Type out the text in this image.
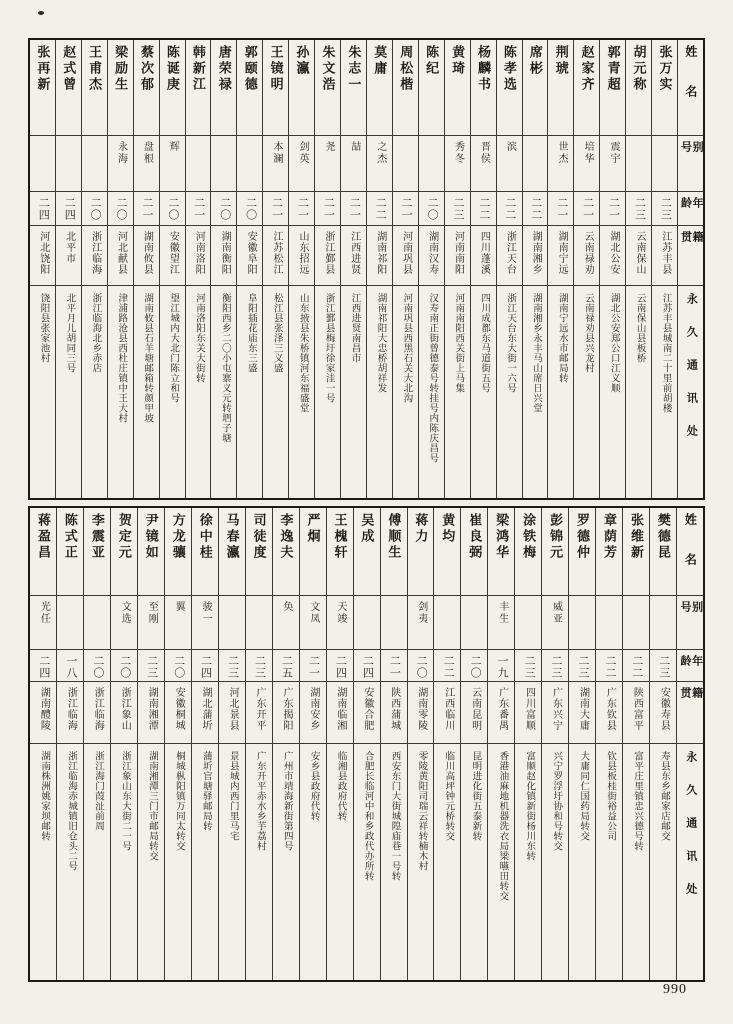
姓名
别号
年龄
籍贯
永久通讯处
张万实
二三
江苏丰县
江苏丰县城南二十里前胡楼
胡元称
二三
云南保山
云南保山县板桥
郭青超
震宇
二一
湖北公安
湖北公安郑公口江义顺
赵家齐
培华
二一
云南禄劝
云南禄劝县兴龙村
荆琥
世杰
二一
湖南宁远
湖南宁远水市邮局转
席彬
二二
湖南湘乡
湖南湘乡永丰马山席日兴堂
陈孝选
滨
二二
浙江天台
浙江天台东大街一六号
杨麟书
晋侯
二二
四川蓬溪
四川成都东马道街五号
黄琦
秀冬
二三
河南南阳
河南南阳西关街上马集
陈纪
二〇
湖南汉寿
汉寿南正街曾德泰号转挂号内陈庆昌号
周松楷
二一
河南巩县
河南巩县西黑石关大北沟
莫庸
之杰
二二
湖南祁阳
湖南祁阳大忠桥胡祥发
朱志一
喆
二一
江西进贤
江西进贤南昌市
朱文浩
尧
二一
浙江鄞县
浙江鄞县梅圩徐家洼一号
孙瀛
剑英
二一
山东招远
山东掖县朱桥镇河东福盛堂
王镜明
本澜
二一
江苏松江
松江县张泽三义盛
郭颐德
二〇
安徽阜阳
阜阳插花庙东三盛
唐荣禄
二〇
湖南衡阳
衡阳西乡二〇小屯寨义元转垇子塘
韩新江
二一
河南洛阳
河南洛阳东关大街转
陈诞庚
辉
二〇
安徽望江
望江城内大北门陈立和号
蔡次郁
盘根
二一
湖南攸县
湖南攸县石羊塘邮箱转颜甲坡
梁励生
永海
二〇
河北献县
津浦路沧县西杜庄镇中王大村
王甫杰
二〇
浙江临海
浙江临海北乡赤店
赵式曾
二四
北平市
北平月儿胡同三号
张再新
二四
河北饶阳
饶阳县张家池村
姓名
别号
年龄
籍贯
永久通讯处
樊德昆
二三
安徽寿县
寿县东乡邮家店邮交
张维新
二二
陕西富平
富平庄里镇忠兴德号转
章荫芳
二二
广东钦县
钦县板桂街裕益公司
罗德仲
二三
湖南大庸
大庸同仁国药局转交
彭锦元
威亚
二三
广东兴宁
兴宁罗浮圩协和号转交
涂铁梅
二三
四川富顺
富顺赵化镇新街杨川东转
梁鸿华
丰生
一九
广东番禺
香港油麻地机器洗衣局梁曣田转交
崔良弼
二〇
云南昆明
昆明进化街五泰新转
黄均
二二
江西临川
临川高坪钟元桥转交
蒋力
剑夷
二〇
湖南零陵
零陵黄阳司瑞云祥转楠木村
傅顺生
二一
陕西蒲城
西安东门大街城隍庙巷一号转
吴成
二四
安徽合肥
合肥长临河中和乡政代办所转
王槐轩
天竣
二四
湖南临湘
临湘县政府代转
严炯
文凤
二一
湖南安乡
安乡县政府代转
李逸夫
奂
二五
广东揭阳
广州市靖海新街第四号
司徒度
二三
广东开平
广东开平赤水乡芋荔村
马春瀛
二三
河北景县
景县城内西门里马宅
徐中桂
骏一
二四
湖北蒲圻
蒲圻官塘驿邮局转
方龙骧
翼
二〇
安徽桐城
桐城枞阳镇万同太转交
尹镜如
至刚
二三
湖南湘潭
湖南湘潭三门市邮局转交
贺定元
文选
二〇
浙江象山
浙江象山东大街二一号
李震亚
二〇
浙江临海
浙江海门葭沚前周
陈式正
一八
浙江临海
浙江临海赤城镇旧仓头二号
蒋盈昌
光任
二四
湖南醴陵
湖南株洲姚家坝邮转
990
